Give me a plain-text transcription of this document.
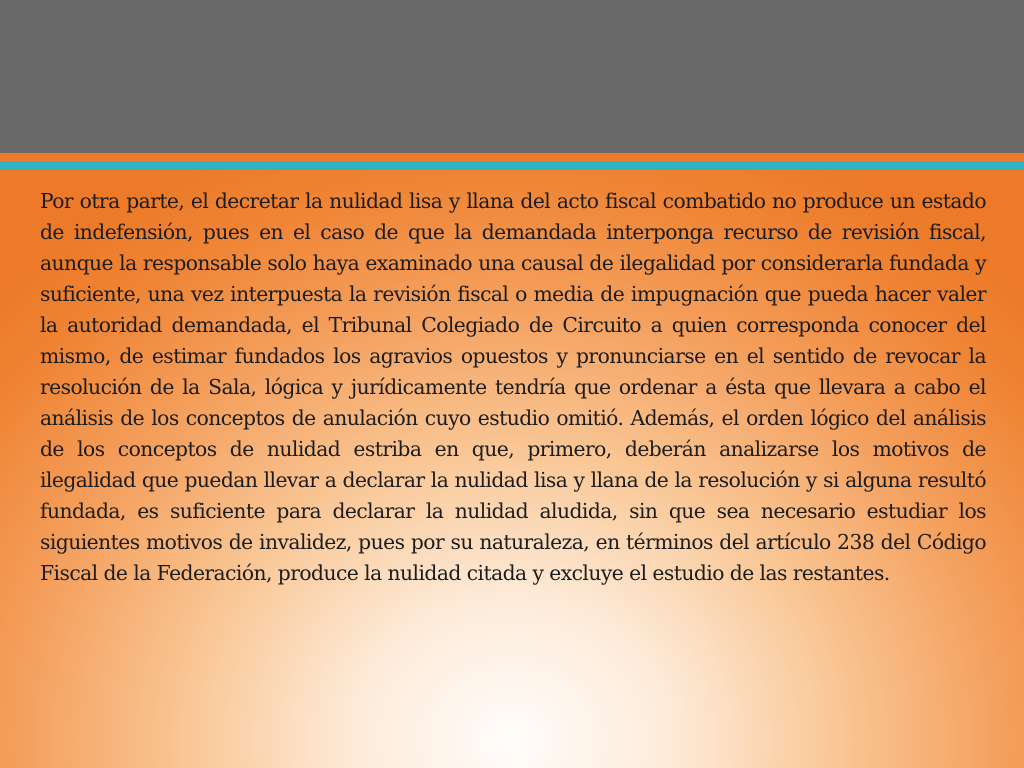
Por otra parte, el decretar la nulidad lisa y llana del acto fiscal combatido no produce un estado de indefensión, pues en el caso de que la demandada interponga recurso de revisión fiscal, aunque la responsable solo haya examinado una causal de ilegalidad por considerarla fundada y suficiente, una vez interpuesta la revisión fiscal o media de impugnación que pueda hacer valer la autoridad demandada, el Tribunal Colegiado de Circuito a quien corresponda conocer del mismo, de estimar fundados los agravios opuestos y pronunciarse en el sentido de revocar la resolución de la Sala, lógica y jurídicamente tendría que ordenar a ésta que llevara a cabo el análisis de los conceptos de anulación cuyo estudio omitió. Además, el orden lógico del análisis de los conceptos de nulidad estriba en que, primero, deberán analizarse los motivos de ilegalidad que puedan llevar a declarar la nulidad lisa y llana de la resolución y si alguna resultó fundada, es suficiente para declarar la nulidad aludida, sin que sea necesario estudiar los siguientes motivos de invalidez, pues por su naturaleza, en términos del artículo 238 del Código Fiscal de la Federación, produce la nulidad citada y excluye el estudio de las restantes.
